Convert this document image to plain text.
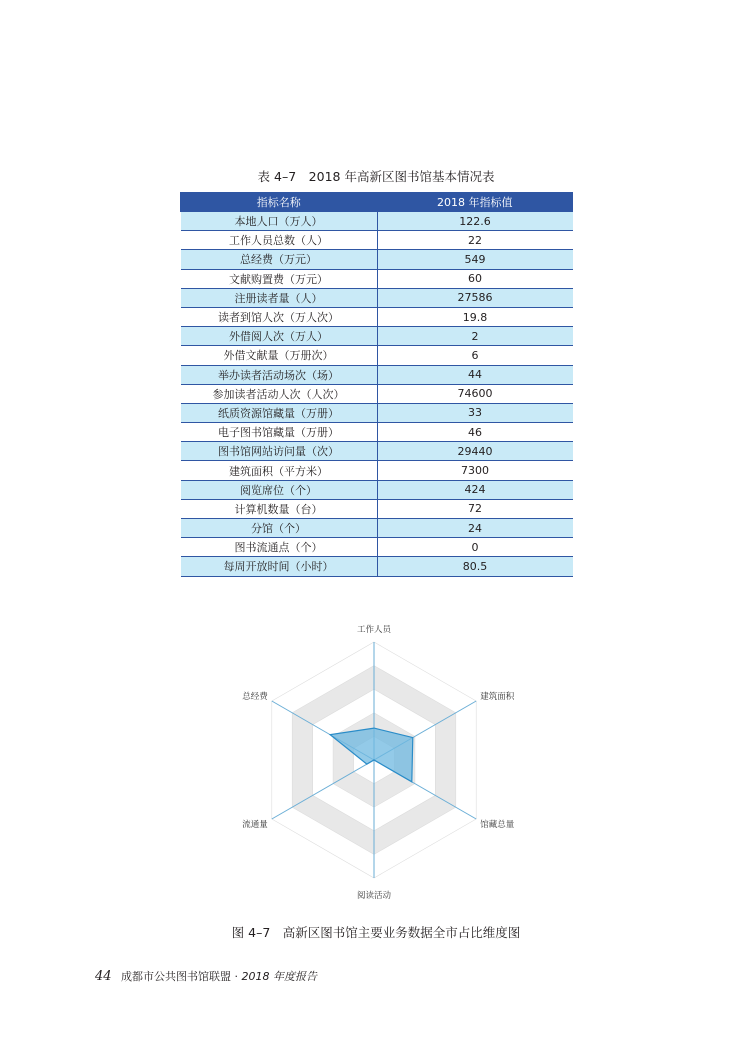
表 4–7　2018 年高新区图书馆基本情况表
指标名称	2018 年指标值
本地人口（万人）	122.6
工作人员总数（人）	22
总经费（万元）	549
文献购置费（万元）	60
注册读者量（人）	27586
读者到馆人次（万人次）	19.8
外借阅人次（万人）	2
外借文献量（万册次）	6
举办读者活动场次（场）	44
参加读者活动人次（人次）	74600
纸质资源馆藏量（万册）	33
电子图书馆藏量（万册）	46
图书馆网站访问量（次）	29440
建筑面积（平方米）	7300
阅览席位（个）	424
计算机数量（台）	72
分馆（个）	24
图书流通点（个）	0
每周开放时间（小时）	80.5
工作人员
建筑面积
馆藏总量
阅读活动
流通量
总经费
图 4–7　高新区图书馆主要业务数据全市占比维度图
44 成都市公共图书馆联盟 · 2018 年度报告
